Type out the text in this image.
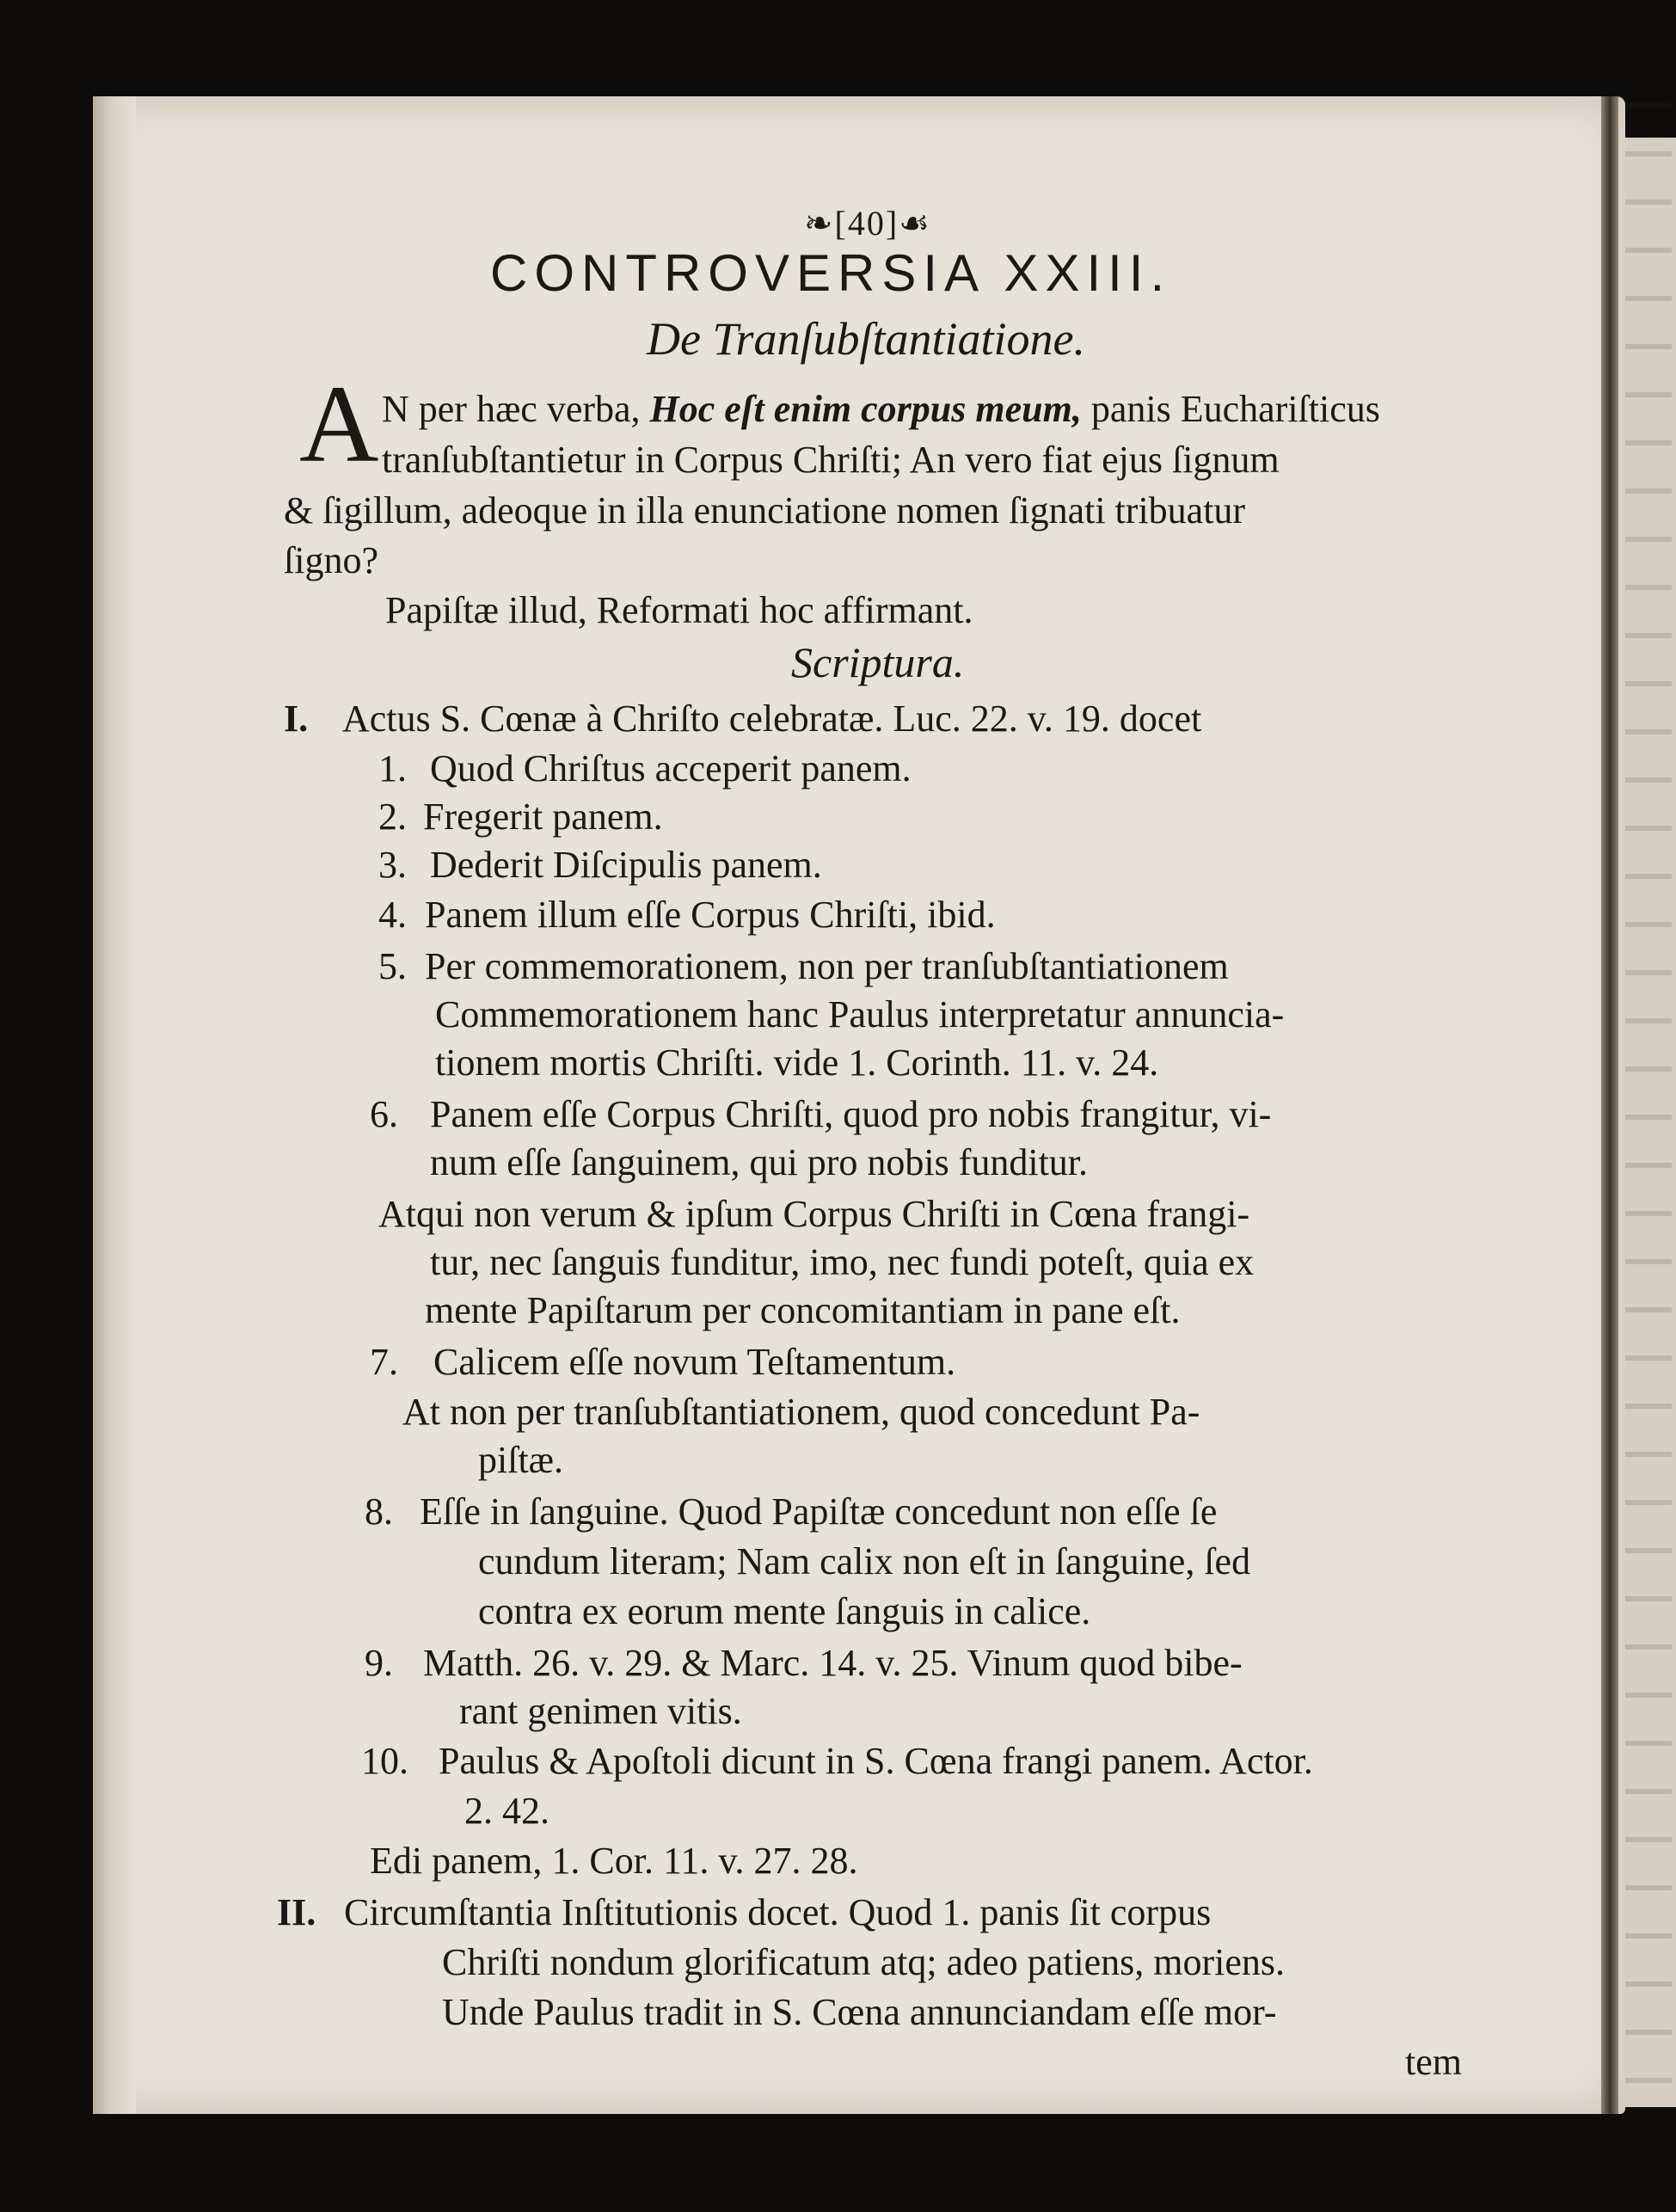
❧[40]☙
CONTROVERSIA XXIII.
De Tranſubſtantiatione.
A N per hæc verba, Hoc eſt enim corpus meum, panis Euchariſticus
tranſubſtantietur in Corpus Chriſti; An vero fiat ejus ſignum
& ſigillum, adeoque in illa enunciatione nomen ſignati tribuatur
ſigno?
Papiſtæ illud, Reformati hoc affirmant.
Scriptura.
I. Actus S. Cœnæ à Chriſto celebratæ. Luc. 22. v. 19. docet
1. Quod Chriſtus acceperit panem.
2. Fregerit panem.
3. Dederit Diſcipulis panem.
4. Panem illum eſſe Corpus Chriſti, ibid.
5. Per commemorationem, non per tranſubſtantiationem
Commemorationem hanc Paulus interpretatur annuncia-
tionem mortis Chriſti. vide 1. Corinth. 11. v. 24.
6. Panem eſſe Corpus Chriſti, quod pro nobis frangitur, vi-
num eſſe ſanguinem, qui pro nobis funditur.
Atqui non verum & ipſum Corpus Chriſti in Cœna frangi-
tur, nec ſanguis funditur, imo, nec fundi poteſt, quia ex
mente Papiſtarum per concomitantiam in pane eſt.
7. Calicem eſſe novum Teſtamentum.
At non per tranſubſtantiationem, quod concedunt Pa-
piſtæ.
8. Eſſe in ſanguine. Quod Papiſtæ concedunt non eſſe ſe
cundum literam; Nam calix non eſt in ſanguine, ſed
contra ex eorum mente ſanguis in calice.
9. Matth. 26. v. 29. & Marc. 14. v. 25. Vinum quod bibe-
rant genimen vitis.
10. Paulus & Apoſtoli dicunt in S. Cœna frangi panem. Actor.
2. 42.
Edi panem, 1. Cor. 11. v. 27. 28.
II. Circumſtantia Inſtitutionis docet. Quod 1. panis ſit corpus
Chriſti nondum glorificatum atq; adeo patiens, moriens.
Unde Paulus tradit in S. Cœna annunciandam eſſe mor-
tem
